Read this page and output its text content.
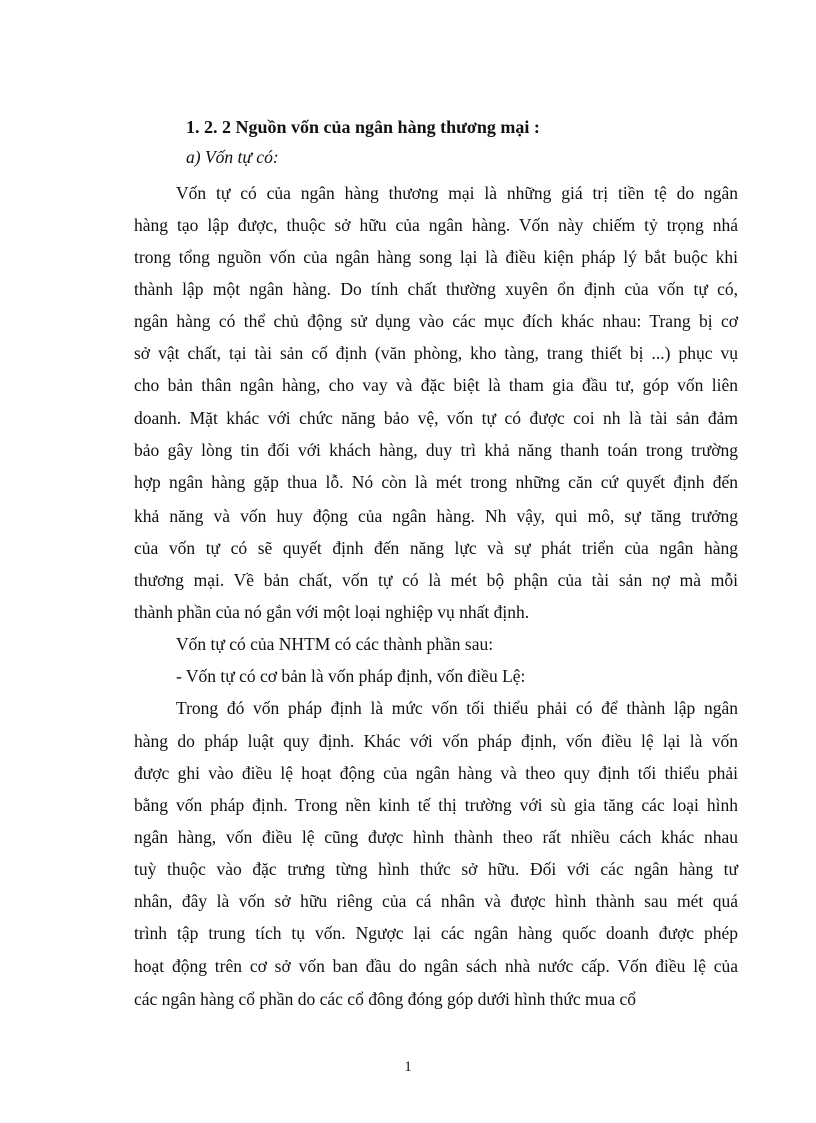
1. 2. 2 Nguồn vốn của ngân hàng thương mại :
a) Vốn tự có:
Vốn tự có của ngân hàng thương mại là những giá trị tiền tệ do ngân
hàng tạo lập được, thuộc sở hữu của ngân hàng. Vốn này chiếm tỷ trọng nhá
trong tổng nguồn vốn của ngân hàng song lại là điều kiện pháp lý bắt buộc khi
thành lập một ngân hàng. Do tính chất thường xuyên ổn định của vốn tự có,
ngân hàng có thể chủ động sử dụng vào các mục đích khác nhau: Trang bị cơ
sở vật chất, tại tài sản cố định (văn phòng, kho tàng, trang thiết bị ...) phục vụ
cho bản thân ngân hàng, cho vay và đặc biệt là tham gia đầu tư, góp vốn liên
doanh. Mặt khác với chức năng bảo vệ, vốn tự có được coi nh là tài sản đảm
bảo gây lòng tin đối với khách hàng, duy trì khả năng thanh toán trong trường
hợp ngân hàng gặp thua lỗ. Nó còn là mét trong những căn cứ quyết định đến
khả năng và vốn huy động của ngân hàng. Nh vậy, qui mô, sự tăng trưởng
của vốn tự có sẽ quyết định đến năng lực và sự phát triển của ngân hàng
thương mại. Về bản chất, vốn tự có là mét bộ phận của tài sản nợ mà mỗi
thành phần của nó gắn với một loại nghiệp vụ nhất định.
Vốn tự có của NHTM có các thành phần sau:
- Vốn tự có cơ bản là vốn pháp định, vốn điều Lệ:
Trong đó vốn pháp định là mức vốn tối thiểu phải có để thành lập ngân
hàng do pháp luật quy định. Khác với vốn pháp định, vốn điều lệ lại là vốn
được ghi vào điều lệ hoạt động của ngân hàng và theo quy định tối thiểu phải
bằng vốn pháp định. Trong nền kinh tế thị trường với sù gia tăng các loại hình
ngân hàng, vốn điều lệ cũng được hình thành theo rất nhiều cách khác nhau
tuỳ thuộc vào đặc trưng từng hình thức sở hữu. Đối với các ngân hàng tư
nhân, đây là vốn sở hữu riêng của cá nhân và được hình thành sau mét quá
trình tập trung tích tụ vốn. Ngược lại các ngân hàng quốc doanh được phép
hoạt động trên cơ sở vốn ban đầu do ngân sách nhà nước cấp. Vốn điều lệ của
các ngân hàng cổ phần do các cổ đông đóng góp dưới hình thức mua cổ
1
